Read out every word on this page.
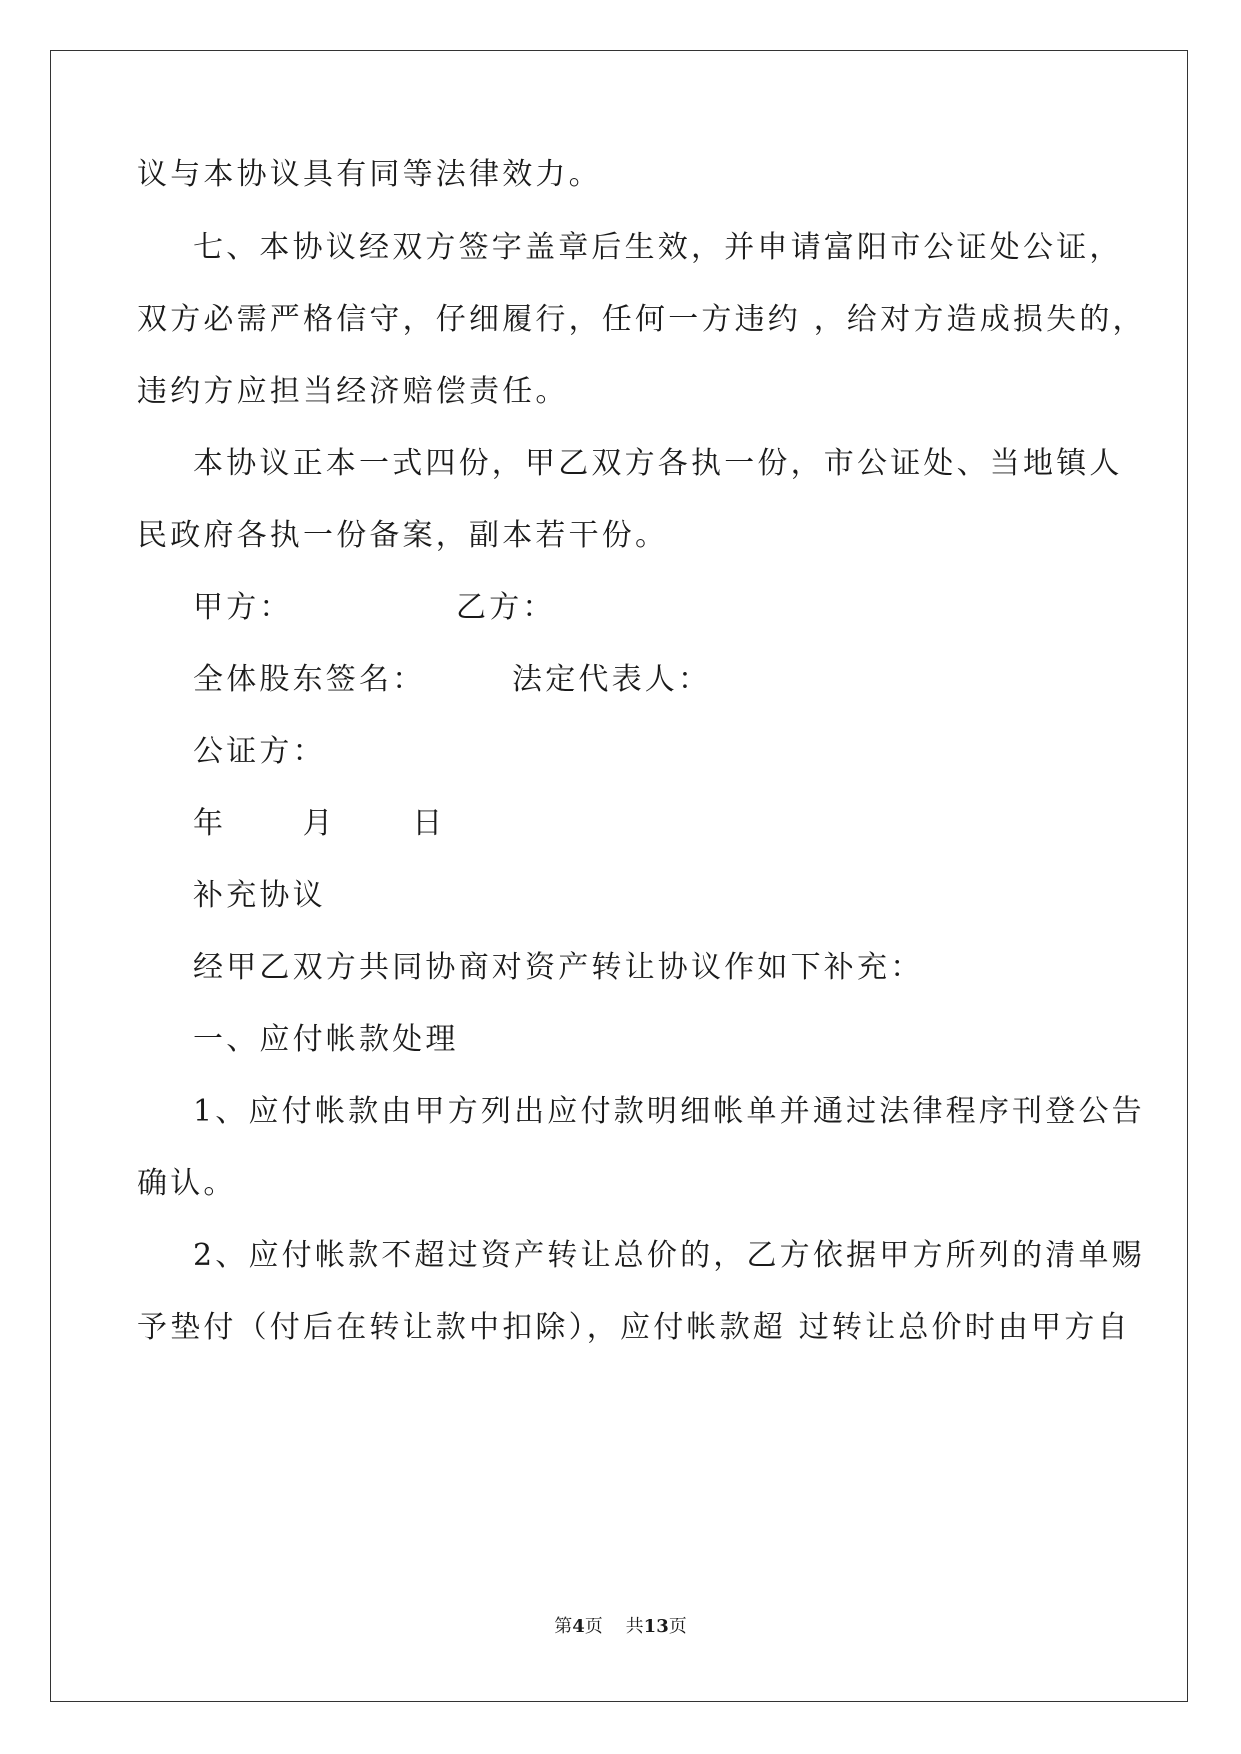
议与本协议具有同等法律效力。
七、本协议经双方签字盖章后生效，并申请富阳市公证处公证，
双方必需严格信守，仔细履行，任何一方违约 ，给对方造成损失的，
违约方应担当经济赔偿责任。
本协议正本一式四份，甲乙双方各执一份，市公证处、当地镇人
民政府各执一份备案，副本若干份。
甲方：	乙方：
全体股东签名：	法定代表人：
公证方：
年      月      日
补充协议
经甲乙双方共同协商对资产转让协议作如下补充：
一、应付帐款处理
1、应付帐款由甲方列出应付款明细帐单并通过法律程序刊登公告
确认。
2、应付帐款不超过资产转让总价的，乙方依据甲方所列的清单赐
予垫付（付后在转让款中扣除），应付帐款超 过转让总价时由甲方自
第4页 共13页
